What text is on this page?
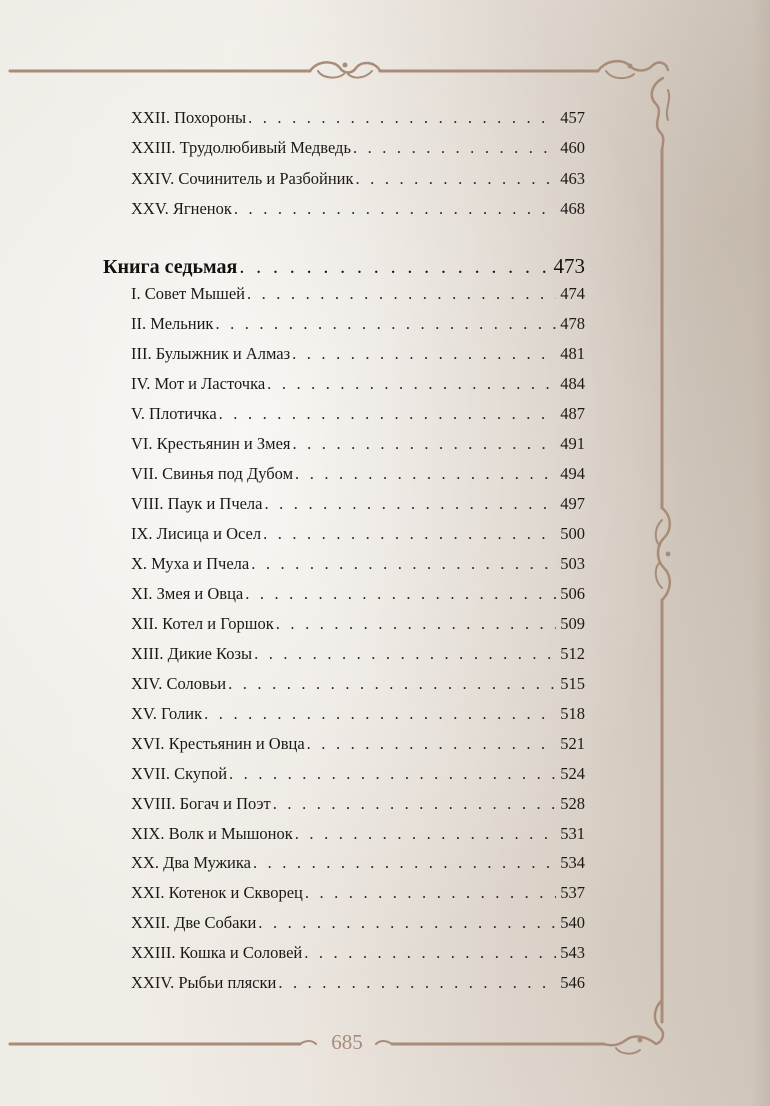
XXII. Похороны . . .	457
XXIII. Трудолюбивый Медведь . . .	460
XXIV. Сочинитель и Разбойник . . .	463
XXV. Ягненок . . .	468
Книга седьмая . . .	473
I. Совет Мышей . . .	474
II. Мельник . . .	478
III. Булыжник и Алмаз . . .	481
IV. Мот и Ласточка . . .	484
V. Плотичка . . .	487
VI. Крестьянин и Змея . . .	491
VII. Свинья под Дубом . . .	494
VIII. Паук и Пчела . . .	497
IX. Лисица и Осел . . .	500
X. Муха и Пчела . . .	503
XI. Змея и Овца . . .	506
XII. Котел и Горшок . . .	509
XIII. Дикие Козы . . .	512
XIV. Соловьи . . .	515
XV. Голик . . .	518
XVI. Крестьянин и Овца . . .	521
XVII. Скупой . . .	524
XVIII. Богач и Поэт . . .	528
XIX. Волк и Мышонок . . .	531
XX. Два Мужика . . .	534
XXI. Котенок и Скворец . . .	537
XXII. Две Собаки . . .	540
XXIII. Кошка и Соловей . . .	543
XXIV. Рыбьи пляски . . .	546
685
